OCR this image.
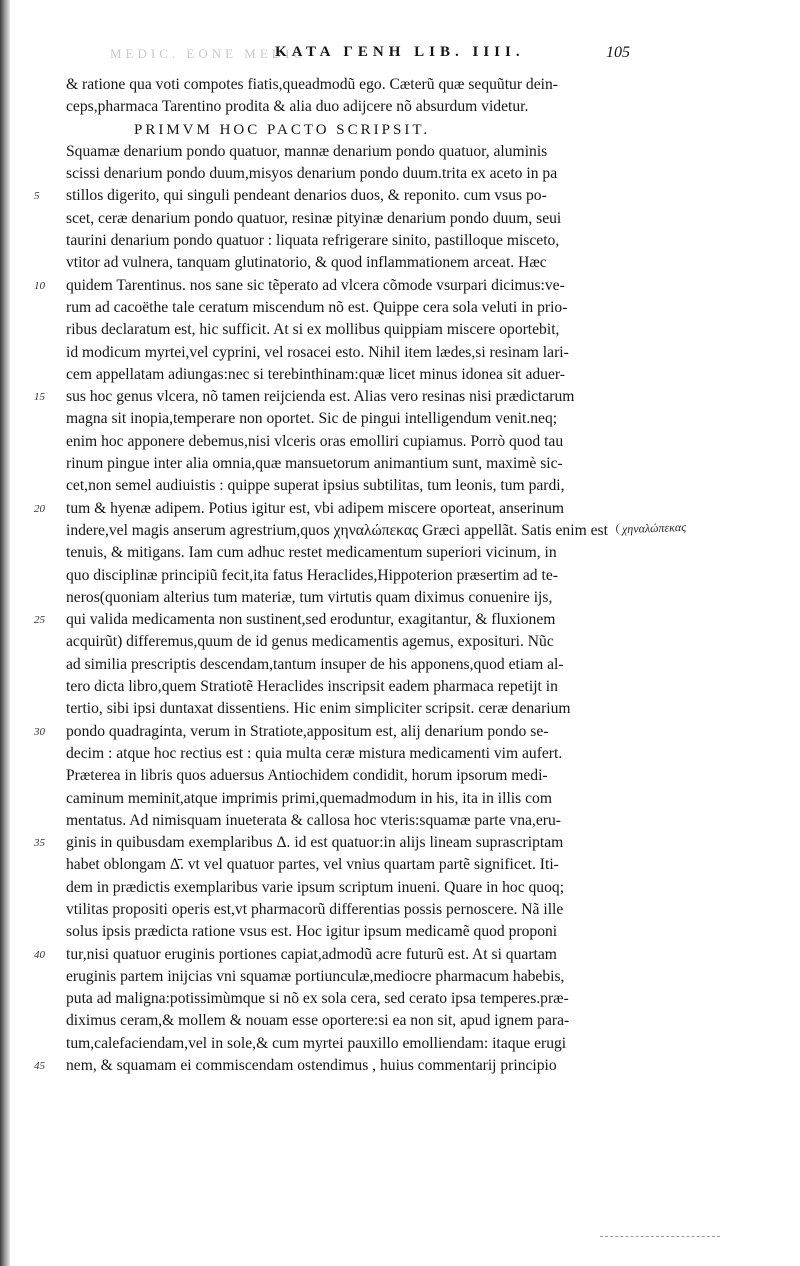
MEDIC. EONE MEDIC
ΚΑΤΑ ΓΕΝΗ LIB. IIII.	105
& ratione qua voti compotes fiatis,queadmodũ ego. Cæterũ quæ sequũtur dein-
ceps,pharmaca Tarentino prodita & alia duo adijcere nõ absurdum videtur.
PRIMVM HOC PACTO SCRIPSIT.
Squamæ denarium pondo quatuor, mannæ denarium pondo quatuor, aluminis
scissi denarium pondo duum,misyos denarium pondo duum.trita ex aceto in pa
5 stillos digerito, qui singuli pendeant denarios duos, & reponito. cum vsus po-
scet, ceræ denarium pondo quatuor, resinæ pityinæ denarium pondo duum, seui
taurini denarium pondo quatuor : liquata refrigerare sinito, pastilloque misceto,
vtitor ad vulnera, tanquam glutinatorio, & quod inflammationem arceat. Hæc
10 quidem Tarentinus. nos sane sic tẽperato ad vlcera cõmode vsurpari dicimus:ve-
rum ad cacoëthe tale ceratum miscendum nõ est. Quippe cera sola veluti in prio-
ribus declaratum est, hic sufficit. At si ex mollibus quippiam miscere oportebit,
id modicum myrtei,vel cyprini, vel rosacei esto. Nihil item lædes,si resinam lari-
cem appellatam adiungas:nec si terebinthinam:quæ licet minus idonea sit aduer-
15 sus hoc genus vlcera, nõ tamen reijcienda est. Alias vero resinas nisi prædictarum
magna sit inopia,temperare non oportet. Sic de pingui intelligendum venit.neq;
enim hoc apponere debemus,nisi vlceris oras emolliri cupiamus. Porrò quod tau
rinum pingue inter alia omnia,quæ mansuetorum animantium sunt, maximè sic-
cet,non semel audiuistis : quippe superat ipsius subtilitas, tum leonis, tum pardi,
20 tum & hyenæ adipem. Potius igitur est, vbi adipem miscere oporteat, anserinum
indere,vel magis anserum agrestrium,quos χηναλώπεκας Græci appellãt. Satis enim est
tenuis, & mitigans. Iam cum adhuc restet medicamentum superiori vicinum, in
quo disciplinæ principiũ fecit,ita fatus Heraclides,Hippoterion præsertim ad te-
neros(quoniam alterius tum materiæ, tum virtutis quam diximus conuenire ijs,
25 qui valida medicamenta non sustinent,sed eroduntur, exagitantur, & fluxionem
acquirũt) differemus,quum de id genus medicamentis agemus, exposituri. Nũc
ad similia prescriptis descendam,tantum insuper de his apponens,quod etiam al-
tero dicta libro,quem Stratiotẽ Heraclides inscripsit eadem pharmaca repetijt in
tertio, sibi ipsi duntaxat dissentiens. Hic enim simpliciter scripsit. ceræ denarium
30 pondo quadraginta, verum in Stratiote,appositum est, alij denarium pondo se-
decim : atque hoc rectius est : quia multa ceræ mistura medicamenti vim aufert.
Præterea in libris quos aduersus Antiochidem condidit, horum ipsorum medi-
caminum meminit,atque imprimis primi,quemadmodum in his, ita in illis com
mentatus. Ad nimisquam inueterata & callosa hoc vteris:squamæ parte vna,eru-
35 ginis in quibusdam exemplaribus Δ. id est quatuor:in alijs lineam suprascriptam
habet oblongam Δ̄. vt vel quatuor partes, vel vnius quartam partẽ significet. Iti-
dem in prædictis exemplaribus varie ipsum scriptum inueni. Quare in hoc quoq;
vtilitas propositi operis est,vt pharmacorũ differentias possis pernoscere. Nã ille
solus ipsis prædicta ratione vsus est. Hoc igitur ipsum medicamẽ quod proponi
40 tur,nisi quatuor eruginis portiones capiat,admodũ acre futurũ est. At si quartam
eruginis partem inijcias vni squamæ portiunculæ,mediocre pharmacum habebis,
puta ad maligna:potissimùmque si nõ ex sola cera, sed cerato ipsa temperes.præ-
diximus ceram,& mollem & nouam esse oportere:si ea non sit, apud ignem para-
tum,calefaciendam,vel in sole,& cum myrtei pauxillo emolliendam: itaque erugi
45 nem, & squamam ei commiscendam ostendimus , huius commentarij principio
χηναλώπεκας
